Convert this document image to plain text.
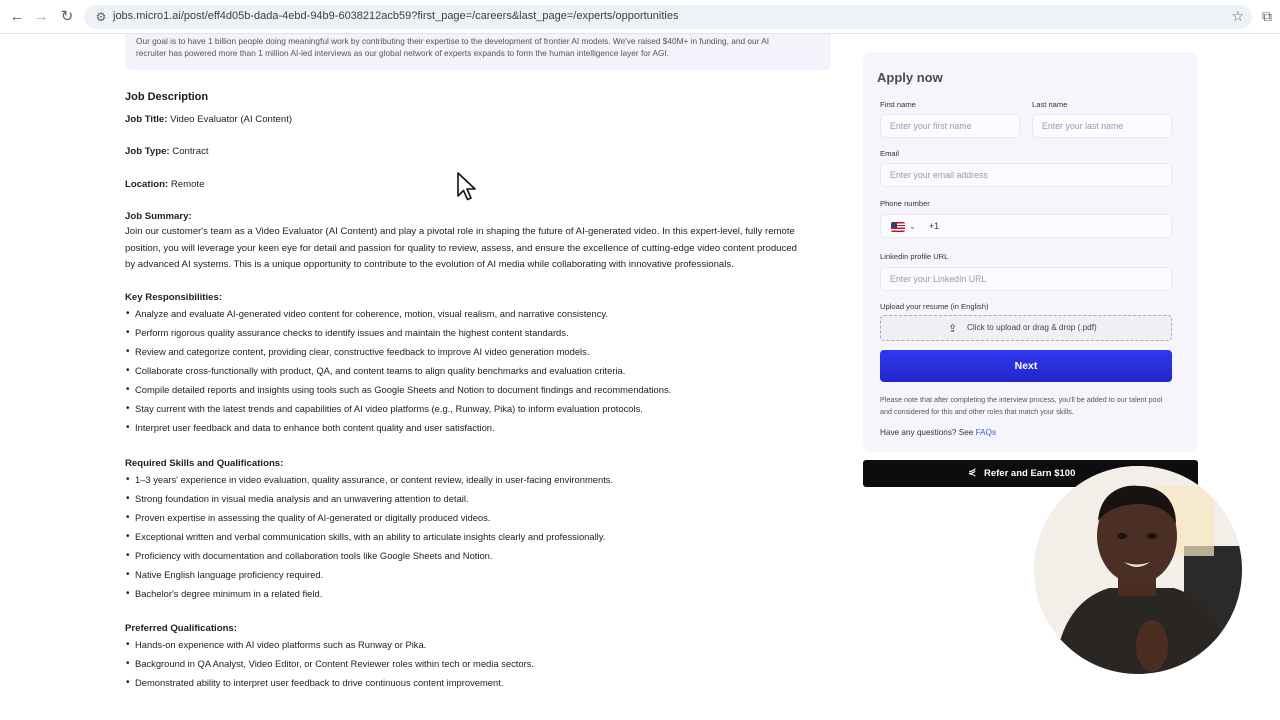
← → ↻ ⚙ jobs.micro1.ai/post/eff4d05b-dada-4ebd-94b9-6038212acb59?first_page=/careers&last_page=/experts/opportunities	☆ ⧉

Our goal is to have 1 billion people doing meaningful work by contributing their expertise to the development of frontier AI models. We've raised $40M+ in funding, and our AI

recruiter has powered more than 1 million AI-led interviews as our global network of experts expands to form the human intelligence layer for AGI.

Job Description
Job Title: Video Evaluator (AI Content)
Job Type: Contract
Location: Remote
Job Summary:
Join our customer's team as a Video Evaluator (AI Content) and play a pivotal role in shaping the future of AI-generated video. In this expert-level, fully remote
position, you will leverage your keen eye for detail and passion for quality to review, assess, and ensure the excellence of cutting-edge video content produced
by advanced AI systems. This is a unique opportunity to contribute to the evolution of AI media while collaborating with innovative professionals.
Key Responsibilities:
• Analyze and evaluate AI-generated video content for coherence, motion, visual realism, and narrative consistency.
• Perform rigorous quality assurance checks to identify issues and maintain the highest content standards.
• Review and categorize content, providing clear, constructive feedback to improve AI video generation models.
• Collaborate cross-functionally with product, QA, and content teams to align quality benchmarks and evaluation criteria.
• Compile detailed reports and insights using tools such as Google Sheets and Notion to document findings and recommendations.
• Stay current with the latest trends and capabilities of AI video platforms (e.g., Runway, Pika) to inform evaluation protocols.
• Interpret user feedback and data to enhance both content quality and user satisfaction.
Required Skills and Qualifications:
• 1–3 years' experience in video evaluation, quality assurance, or content review, ideally in user-facing environments.
• Strong foundation in visual media analysis and an unwavering attention to detail.
• Proven expertise in assessing the quality of AI-generated or digitally produced videos.
• Exceptional written and verbal communication skills, with an ability to articulate insights clearly and professionally.
• Proficiency with documentation and collaboration tools like Google Sheets and Notion.
• Native English language proficiency required.
• Bachelor's degree minimum in a related field.
Preferred Qualifications:
• Hands-on experience with AI video platforms such as Runway or Pika.
• Background in QA Analyst, Video Editor, or Content Reviewer roles within tech or media sectors.
• Demonstrated ability to interpret user feedback to drive continuous content improvement.
Apply now
First name
Enter your first name
Last name
Enter your last name
Email
Enter your email address
Phone number
⌄ +1
Linkedin profile URL
Enter your LinkedIn URL
Upload your resume (in English)
⇪ Click to upload or drag & drop (.pdf)
Next
Please note that after completing the interview process, you'll be added to our talent pool and considered for this and other roles that match your skills.
Have any questions? See FAQs
⋞ Refer and Earn $100
